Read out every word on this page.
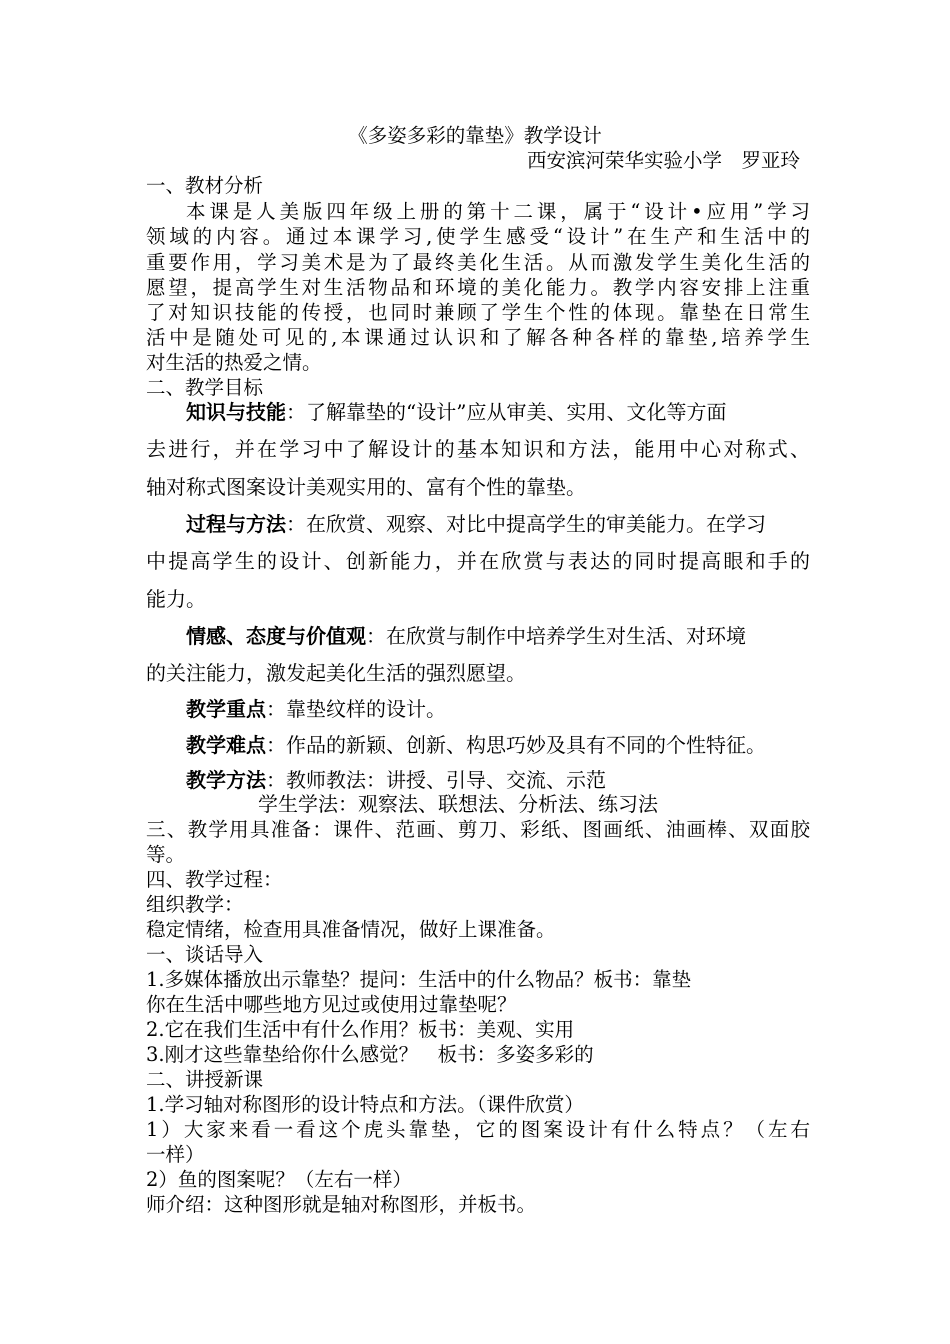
《多姿多彩的靠垫》教学设计
西安滨河荣华实验小学　罗亚玲
一、教材分析
本课是人美版四年级上册的第十二课，属于“设计•应用”学习
领域的内容。通过本课学习,使学生感受“设计”在生产和生活中的
重要作用，学习美术是为了最终美化生活。从而激发学生美化生活的
愿望，提高学生对生活物品和环境的美化能力。教学内容安排上注重
了对知识技能的传授，也同时兼顾了学生个性的体现。靠垫在日常生
活中是随处可见的,本课通过认识和了解各种各样的靠垫,培养学生
对生活的热爱之情。
二、教学目标
知识与技能：了解靠垫的“设计”应从审美、实用、文化等方面
去进行，并在学习中了解设计的基本知识和方法，能用中心对称式、
轴对称式图案设计美观实用的、富有个性的靠垫。
过程与方法：在欣赏、观察、对比中提高学生的审美能力。在学习
中提高学生的设计、创新能力，并在欣赏与表达的同时提高眼和手的
能力。
情感、态度与价值观：在欣赏与制作中培养学生对生活、对环境
的关注能力，激发起美化生活的强烈愿望。
教学重点：靠垫纹样的设计。
教学难点：作品的新颖、创新、构思巧妙及具有不同的个性特征。
教学方法：教师教法：讲授、引导、交流、示范
学生学法：观察法、联想法、分析法、练习法
三、教学用具准备：课件、范画、剪刀、彩纸、图画纸、油画棒、双面胶
等。
四、教学过程：
组织教学：
稳定情绪，检查用具准备情况，做好上课准备。
一、谈话导入
1.多媒体播放出示靠垫？提问：生活中的什么物品？板书：靠垫
你在生活中哪些地方见过或使用过靠垫呢？
2.它在我们生活中有什么作用？板书：美观、实用
3.刚才这些靠垫给你什么感觉？　板书：多姿多彩的
二、讲授新课
1.学习轴对称图形的设计特点和方法。（课件欣赏）
1）大家来看一看这个虎头靠垫，它的图案设计有什么特点？（左右
一样）
2）鱼的图案呢？（左右一样）
师介绍：这种图形就是轴对称图形，并板书。
